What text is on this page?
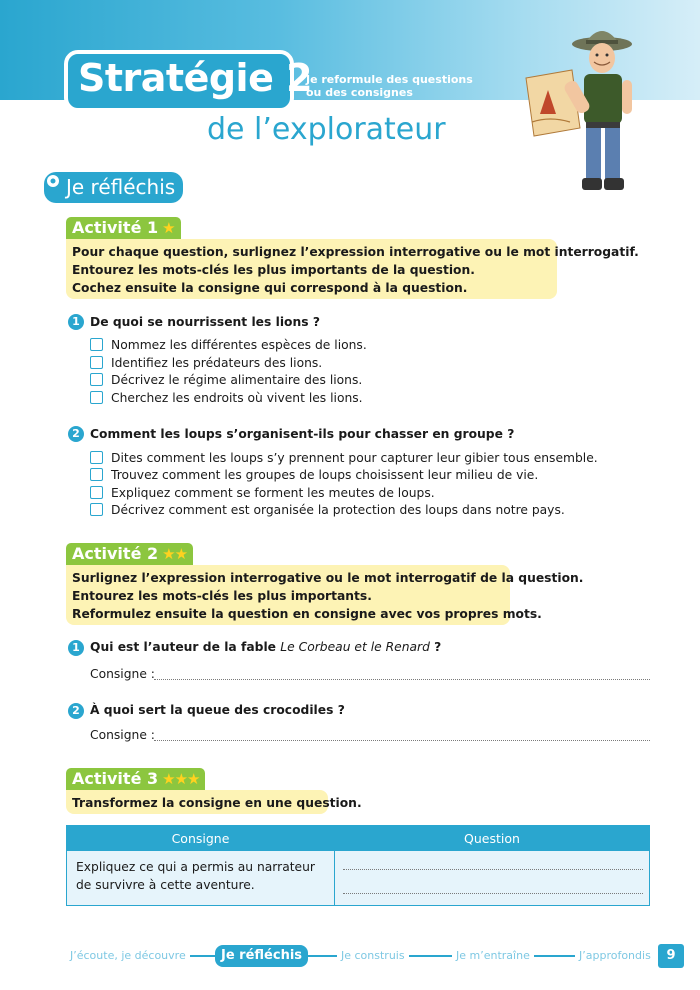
Stratégie 2
Je reformule des questions
ou des consignes
de l’explorateur
Je réfléchis
Activité 1 ★
Pour chaque question, surlignez l’expression interrogative ou le mot interrogatif.
Entourez les mots-clés les plus importants de la question.
Cochez ensuite la consigne qui correspond à la question.
1 De quoi se nourrissent les lions ?
Nommez les différentes espèces de lions.
Identifiez les prédateurs des lions.
Décrivez le régime alimentaire des lions.
Cherchez les endroits où vivent les lions.
2 Comment les loups s’organisent-ils pour chasser en groupe ?
Dites comment les loups s’y prennent pour capturer leur gibier tous ensemble.
Trouvez comment les groupes de loups choisissent leur milieu de vie.
Expliquez comment se forment les meutes de loups.
Décrivez comment est organisée la protection des loups dans notre pays.
Activité 2 ★★
Surlignez l’expression interrogative ou le mot interrogatif de la question.
Entourez les mots-clés les plus importants.
Reformulez ensuite la question en consigne avec vos propres mots.
1 Qui est l’auteur de la fable Le Corbeau et le Renard ?
Consigne :
2 À quoi sert la queue des crocodiles ?
Consigne :
Activité 3 ★★★
Transformez la consigne en une question.
Consigne	Question

Expliquez ce qui a permis au narrateur
de survivre à cette aventure.	

J’écoute, je découvre	Je réfléchis	Je construis	Je m’entraîne	J’approfondis	9
